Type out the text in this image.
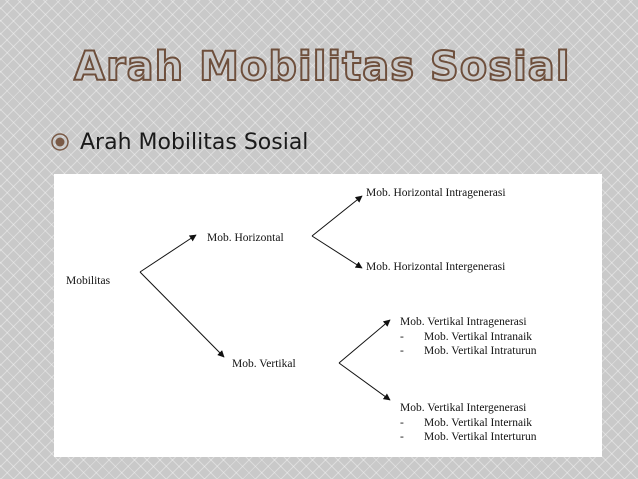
Arah Mobilitas Sosial
Arah Mobilitas Sosial
Mobilitas
Mob. Horizontal
Mob. Vertikal
Mob. Horizontal Intragenerasi
Mob. Horizontal Intergenerasi
Mob. Vertikal Intragenerasi
- Mob. Vertikal Intranaik
- Mob. Vertikal Intraturun
Mob. Vertikal Intergenerasi
- Mob. Vertikal Internaik
- Mob. Vertikal Interturun
